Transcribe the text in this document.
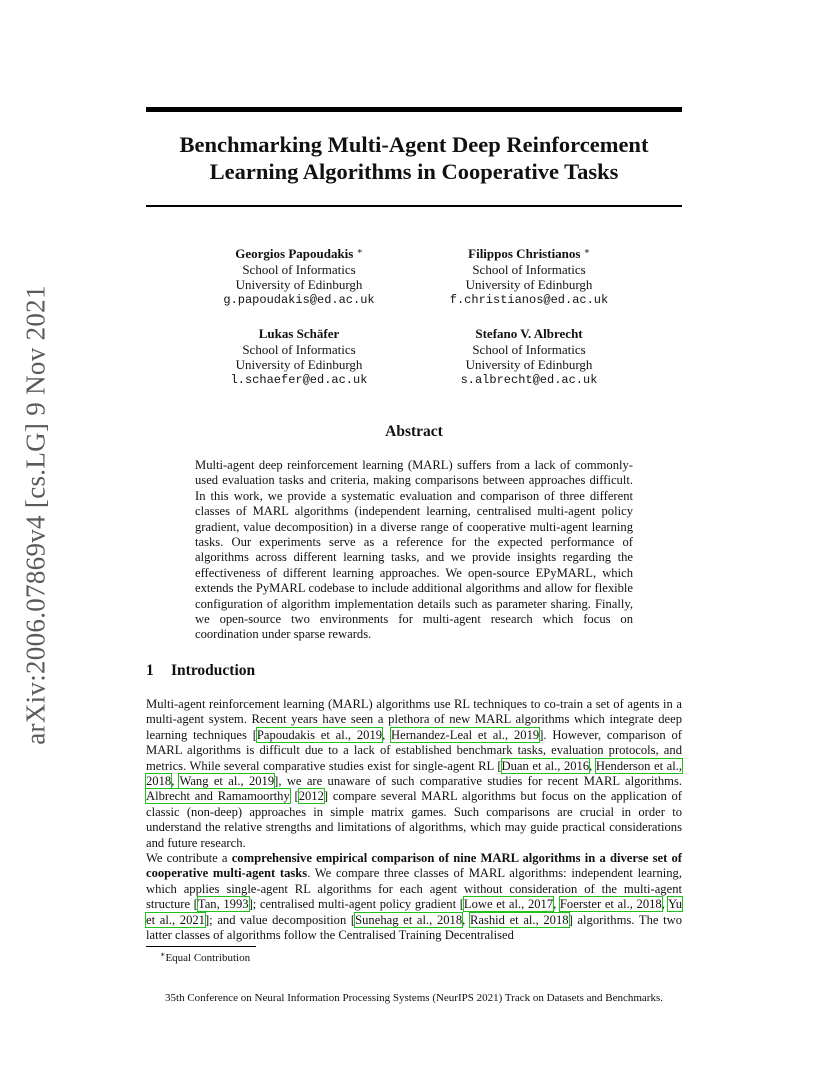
arXiv:2006.07869v4 [cs.LG] 9 Nov 2021
Benchmarking Multi-Agent Deep Reinforcement
Learning Algorithms in Cooperative Tasks
Georgios Papoudakis ∗
School of Informatics
University of Edinburgh
g.papoudakis@ed.ac.uk
Filippos Christianos ∗
School of Informatics
University of Edinburgh
f.christianos@ed.ac.uk
Lukas Schäfer
School of Informatics
University of Edinburgh
l.schaefer@ed.ac.uk
Stefano V. Albrecht
School of Informatics
University of Edinburgh
s.albrecht@ed.ac.uk
Abstract
Multi-agent deep reinforcement learning (MARL) suffers from a lack of commonly-used evaluation tasks and criteria, making comparisons between approaches difficult. In this work, we provide a systematic evaluation and comparison of three different classes of MARL algorithms (independent learning, centralised multi-agent policy gradient, value decomposition) in a diverse range of cooperative multi-agent learning tasks. Our experiments serve as a reference for the expected performance of algorithms across different learning tasks, and we provide insights regarding the effectiveness of different learning approaches. We open-source EPyMARL, which extends the PyMARL codebase to include additional algorithms and allow for flexible configuration of algorithm implementation details such as parameter sharing. Finally, we open-source two environments for multi-agent research which focus on coordination under sparse rewards.
1 Introduction
Multi-agent reinforcement learning (MARL) algorithms use RL techniques to co-train a set of agents in a multi-agent system. Recent years have seen a plethora of new MARL algorithms which integrate deep learning techniques [Papoudakis et al., 2019, Hernandez-Leal et al., 2019]. However, comparison of MARL algorithms is difficult due to a lack of established benchmark tasks, evaluation protocols, and metrics. While several comparative studies exist for single-agent RL [Duan et al., 2016, Henderson et al., 2018, Wang et al., 2019], we are unaware of such comparative studies for recent MARL algorithms. Albrecht and Ramamoorthy [2012] compare several MARL algorithms but focus on the application of classic (non-deep) approaches in simple matrix games. Such comparisons are crucial in order to understand the relative strengths and limitations of algorithms, which may guide practical considerations and future research.
We contribute a comprehensive empirical comparison of nine MARL algorithms in a diverse set of cooperative multi-agent tasks. We compare three classes of MARL algorithms: independent learning, which applies single-agent RL algorithms for each agent without consideration of the multi-agent structure [Tan, 1993]; centralised multi-agent policy gradient [Lowe et al., 2017, Foerster et al., 2018, Yu et al., 2021]; and value decomposition [Sunehag et al., 2018, Rashid et al., 2018] algorithms. The two latter classes of algorithms follow the Centralised Training Decentralised
∗Equal Contribution
35th Conference on Neural Information Processing Systems (NeurIPS 2021) Track on Datasets and Benchmarks.
